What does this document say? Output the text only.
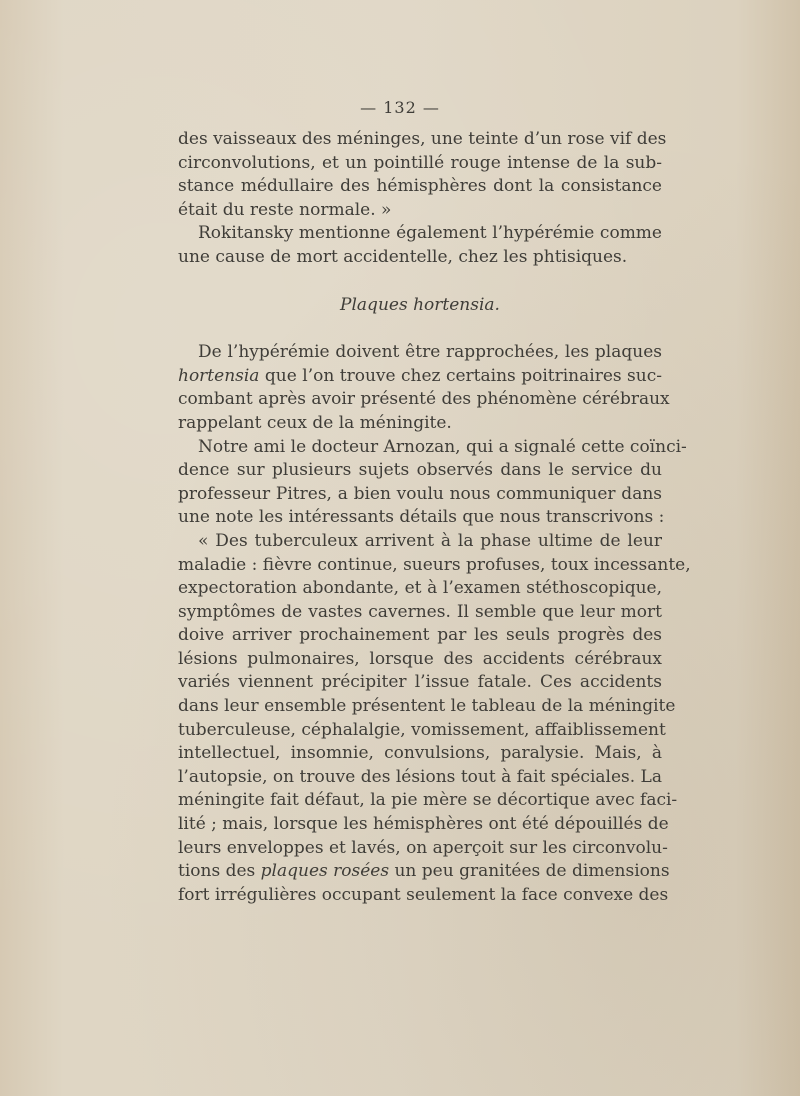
— 132 —
des vaisseaux des méninges, une teinte d’un rose vif des
circonvolutions, et un pointillé rouge intense de la sub-
stance médullaire des hémisphères dont la consistance
était du reste normale. »
Rokitansky mentionne également l’hypérémie comme
une cause de mort accidentelle, chez les phtisiques.
Plaques hortensia.
De l’hypérémie doivent être rapprochées, les plaques
hortensia que l’on trouve chez certains poitrinaires suc-
combant après avoir présenté des phénomène cérébraux
rappelant ceux de la méningite.
Notre ami le docteur Arnozan, qui a signalé cette coïnci-
dence sur plusieurs sujets observés dans le service du
professeur Pitres, a bien voulu nous communiquer dans
une note les intéressants détails que nous transcrivons :
« Des tuberculeux arrivent à la phase ultime de leur
maladie : fièvre continue, sueurs profuses, toux incessante,
expectoration abondante, et à l’examen stéthoscopique,
symptômes de vastes cavernes. Il semble que leur mort
doive arriver prochainement par les seuls progrès des
lésions pulmonaires, lorsque des accidents cérébraux
variés viennent précipiter l’issue fatale. Ces accidents
dans leur ensemble présentent le tableau de la méningite
tuberculeuse, céphalalgie, vomissement, affaiblissement
intellectuel, insomnie, convulsions, paralysie. Mais, à
l’autopsie, on trouve des lésions tout à fait spéciales. La
méningite fait défaut, la pie mère se décortique avec faci-
lité ; mais, lorsque les hémisphères ont été dépouillés de
leurs enveloppes et lavés, on aperçoit sur les circonvolu-
tions des plaques rosées un peu granitées de dimensions
fort irrégulières occupant seulement la face convexe des
